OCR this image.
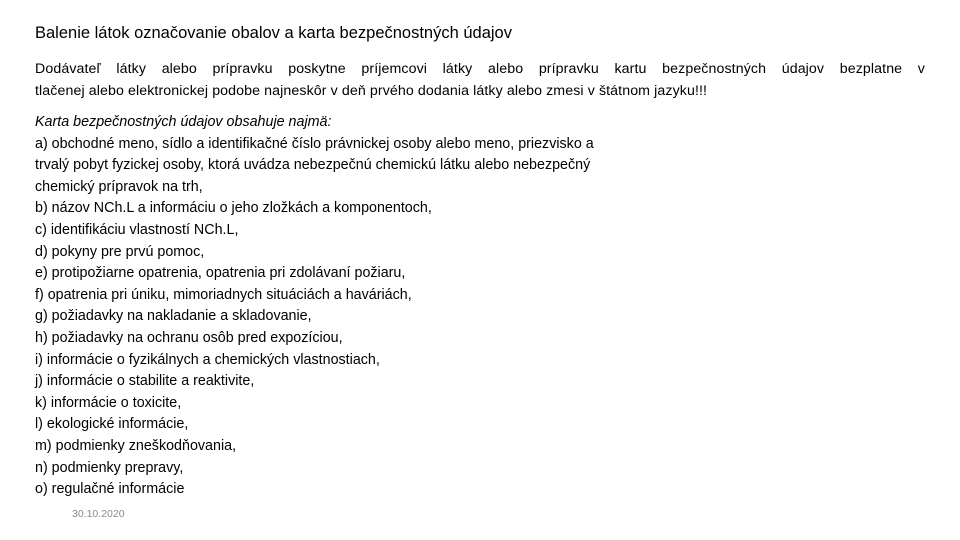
Balenie látok označovanie obalov a karta bezpečnostných údajov
Dodávateľ látky alebo prípravku poskytne príjemcovi látky alebo prípravku kartu bezpečnostných údajov bezplatne v
tlačenej alebo elektronickej podobe najneskôr v deň prvého dodania látky alebo zmesi v štátnom jazyku!!!
Karta bezpečnostných údajov obsahuje najmä:
a) obchodné meno, sídlo a identifikačné číslo právnickej osoby alebo meno, priezvisko a
trvalý pobyt fyzickej osoby, ktorá uvádza nebezpečnú chemickú látku alebo nebezpečný
chemický prípravok na trh,
b) názov NCh.L a informáciu o jeho zložkách a komponentoch,
c) identifikáciu vlastností NCh.L,
d) pokyny pre prvú pomoc,
e) protipožiarne opatrenia, opatrenia pri zdolávaní požiaru,
f) opatrenia pri úniku, mimoriadnych situáciách a haváriách,
g) požiadavky na nakladanie a skladovanie,
h) požiadavky na ochranu osôb pred expozíciou,
i) informácie o fyzikálnych a chemických vlastnostiach,
j) informácie o stabilite a reaktivite,
k) informácie o toxicite,
l) ekologické informácie,
m) podmienky zneškodňovania,
n) podmienky prepravy,
o) regulačné informácie
30.10.2020
